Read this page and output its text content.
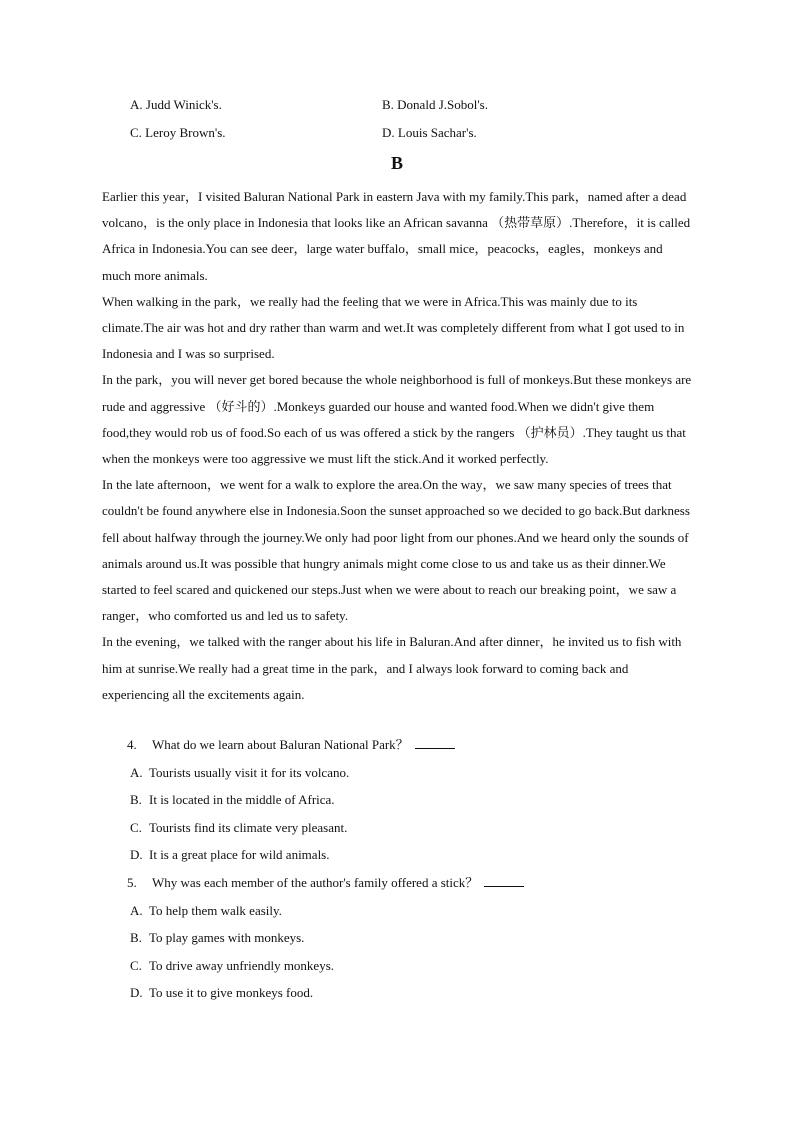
A. Judd Winick's.	B. Donald J.Sobol's.
C. Leroy Brown's.	D. Louis Sachar's.
B

Earlier this year，I visited Baluran National Park in eastern Java with my family.This park，named after a dead volcano，is the only place in Indonesia that looks like an African savanna （热带草原）.Therefore，it is called Africa in Indonesia.You can see deer，large water buffalo，small mice，peacocks，eagles，monkeys and much more animals.

When walking in the park，we really had the feeling that we were in Africa.This was mainly due to its climate.The air was hot and dry rather than warm and wet.It was completely different from what I got used to in Indonesia and I was so surprised.

In the park，you will never get bored because the whole neighborhood is full of monkeys.But these monkeys are rude and aggressive （好斗的）.Monkeys guarded our house and wanted food.When we didn't give them food,they would rob us of food.So each of us was offered a stick by the rangers （护林员）.They taught us that when the monkeys were too aggressive we must lift the stick.And it worked perfectly.

In the late afternoon，we went for a walk to explore the area.On the way，we saw many species of trees that couldn't be found anywhere else in Indonesia.Soon the sunset approached so we decided to go back.But darkness fell about halfway through the journey.We only had poor light from our phones.And we heard only the sounds of animals around us.It was possible that hungry animals might come close to us and take us as their dinner.We started to feel scared and quickened our steps.Just when we were about to reach our breaking point，we saw a ranger，who comforted us and led us to safety.

In the evening，we talked with the ranger about his life in Baluran.And after dinner，he invited us to fish with him at sunrise.We really had a great time in the park，and I always look forward to coming back and experiencing all the excitements again.

4. What do we learn about Baluran National Park？
A. Tourists usually visit it for its volcano.
B. It is located in the middle of Africa.
C. Tourists find its climate very pleasant.
D. It is a great place for wild animals.
5. Why was each member of the author's family offered a stick？
A. To help them walk easily.
B. To play games with monkeys.
C. To drive away unfriendly monkeys.
D. To use it to give monkeys food.
